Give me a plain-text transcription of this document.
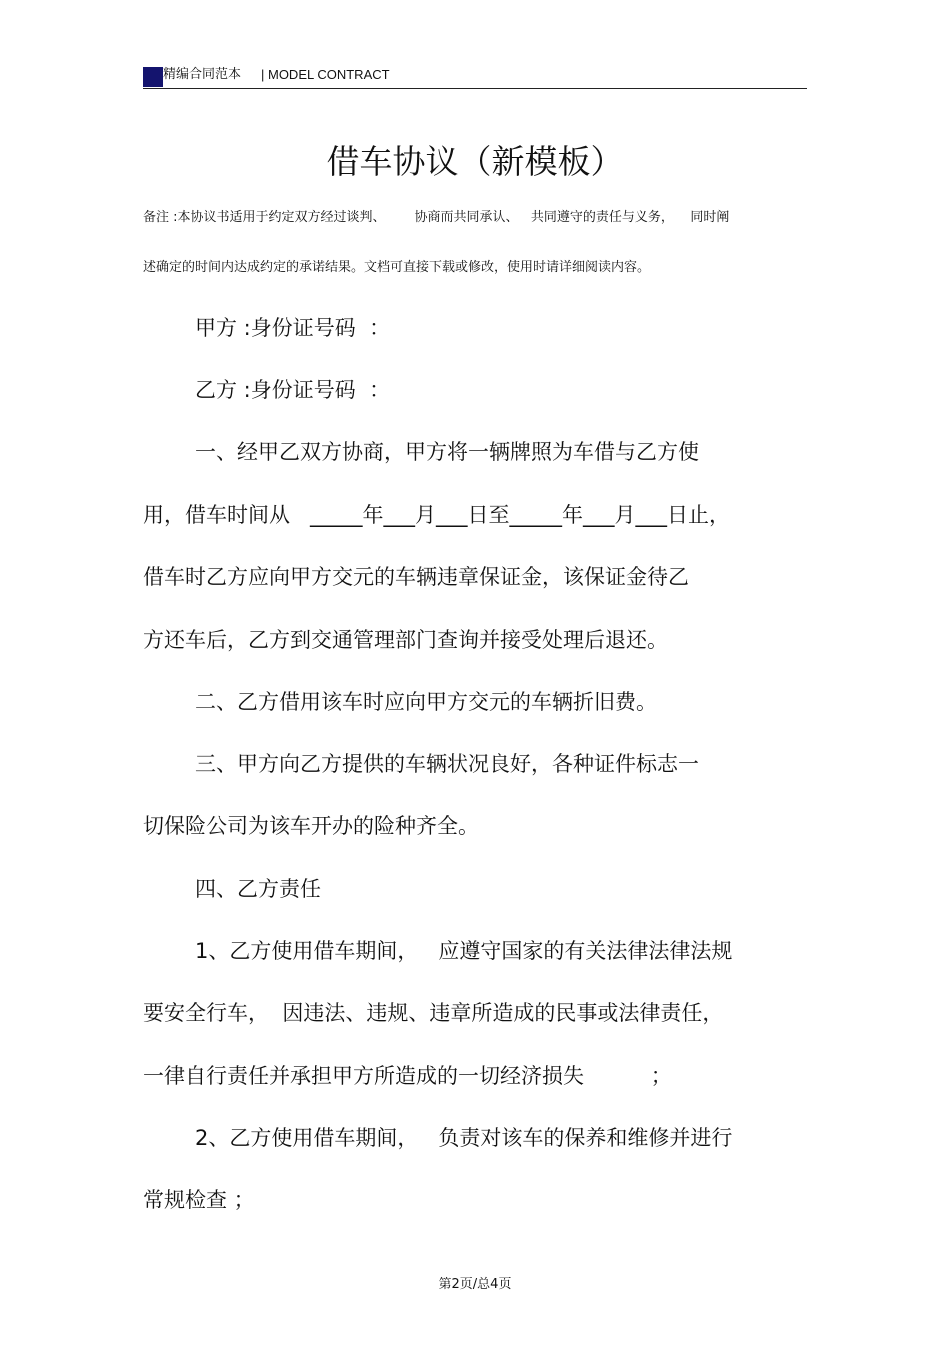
精编合同范本 | MODEL CONTRACT
借车协议（新模板）
备注 :本协议书适用于约定双方经过谈判、       协商而共同承认、   共同遵守的责任与义务，    同时阐
述确定的时间内达成约定的承诺结果。文档可直接下载或修改，使用时请详细阅读内容。
甲方 :身份证号码  ：
乙方 :身份证号码  ：
一、经甲乙双方协商，甲方将一辆牌照为车借与乙方使
用，借车时间从   _____年___月___日至_____年___月___日止，
借车时乙方应向甲方交元的车辆违章保证金，该保证金待乙
方还车后，乙方到交通管理部门查询并接受处理后退还。
二、乙方借用该车时应向甲方交元的车辆折旧费。
三、甲方向乙方提供的车辆状况良好，各种证件标志一
切保险公司为该车开办的险种齐全。
四、乙方责任
1、乙方使用借车期间，   应遵守国家的有关法律法律法规
要安全行车，  因违法、违规、违章所造成的民事或法律责任，
一律自行责任并承担甲方所造成的一切经济损失          ；
2、乙方使用借车期间，   负责对该车的保养和维修并进行
常规检查 ；
第2页/总4页
